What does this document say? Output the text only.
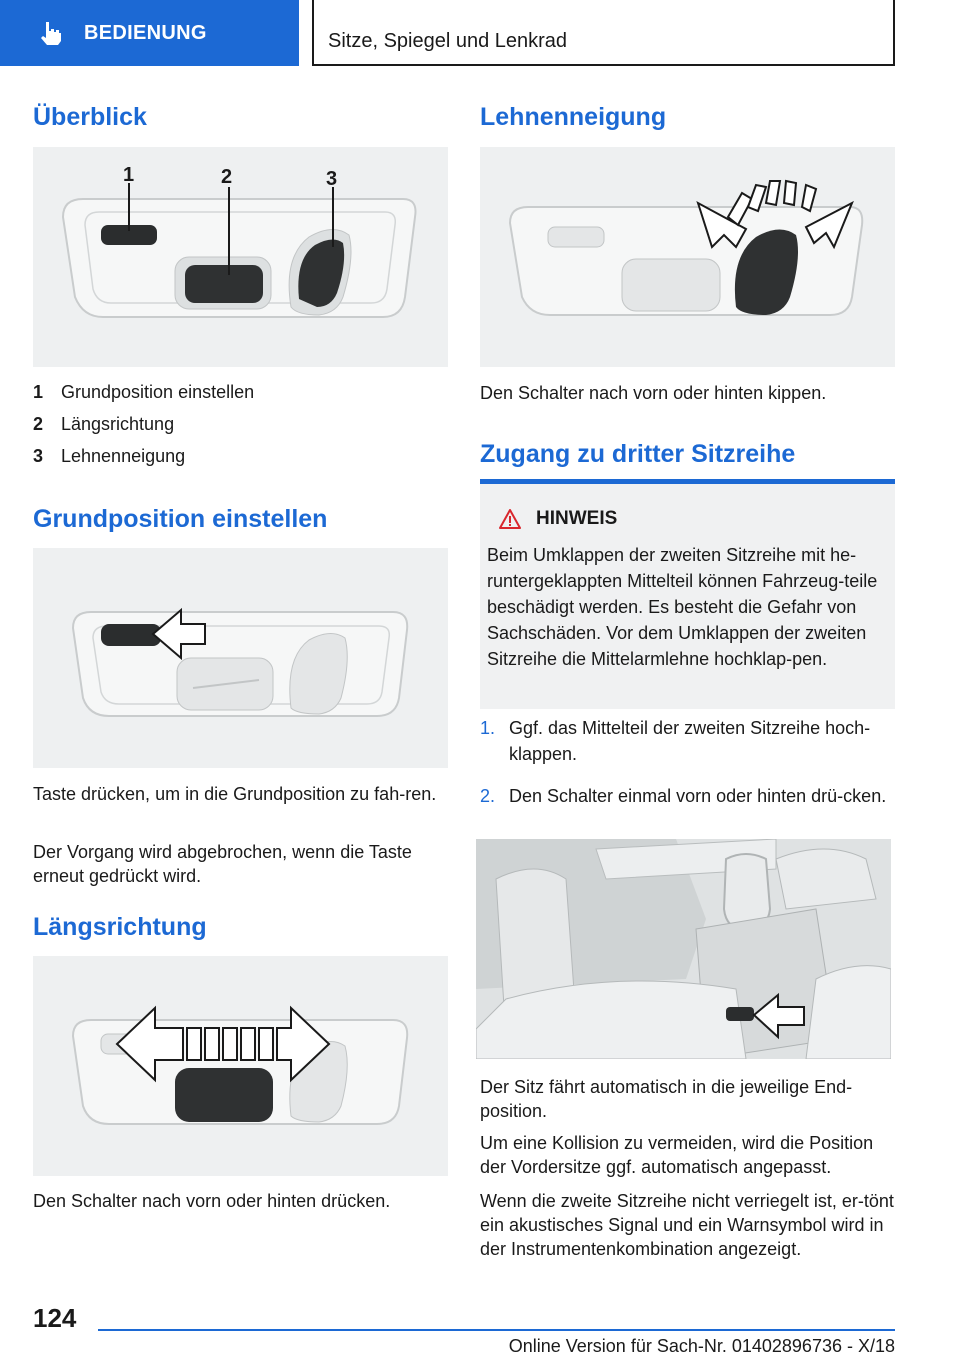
BEDIENUNG	Sitze, Spiegel und Lenkrad
Überblick
1	2	3
1 Grundposition einstellen
2 Längsrichtung
3 Lehnenneigung
Grundposition einstellen

Taste drücken, um in die Grundposition zu fah-ren.

Der Vorgang wird abgebrochen, wenn die Taste erneut gedrückt wird.

Längsrichtung

Den Schalter nach vorn oder hinten drücken.

Lehnenneigung

Den Schalter nach vorn oder hinten kippen.

Zugang zu dritter Sitzreihe
HINWEIS
Beim Umklappen der zweiten Sitzreihe mit he-runtergeklappten Mittelteil können Fahrzeug-teile beschädigt werden. Es besteht die Gefahr von Sachschäden. Vor dem Umklappen der zweiten Sitzreihe die Mittelarmlehne hochklap-pen.
1. Ggf. das Mittelteil der zweiten Sitzreihe hoch-klappen.
2. Den Schalter einmal vorn oder hinten drü-cken.

Der Sitz fährt automatisch in die jeweilige End-position.

Um eine Kollision zu vermeiden, wird die Position der Vordersitze ggf. automatisch angepasst.

Wenn die zweite Sitzreihe nicht verriegelt ist, er-tönt ein akustisches Signal und ein Warnsymbol wird in der Instrumentenkombination angezeigt.

124
Online Version für Sach-Nr. 01402896736 - X/18
